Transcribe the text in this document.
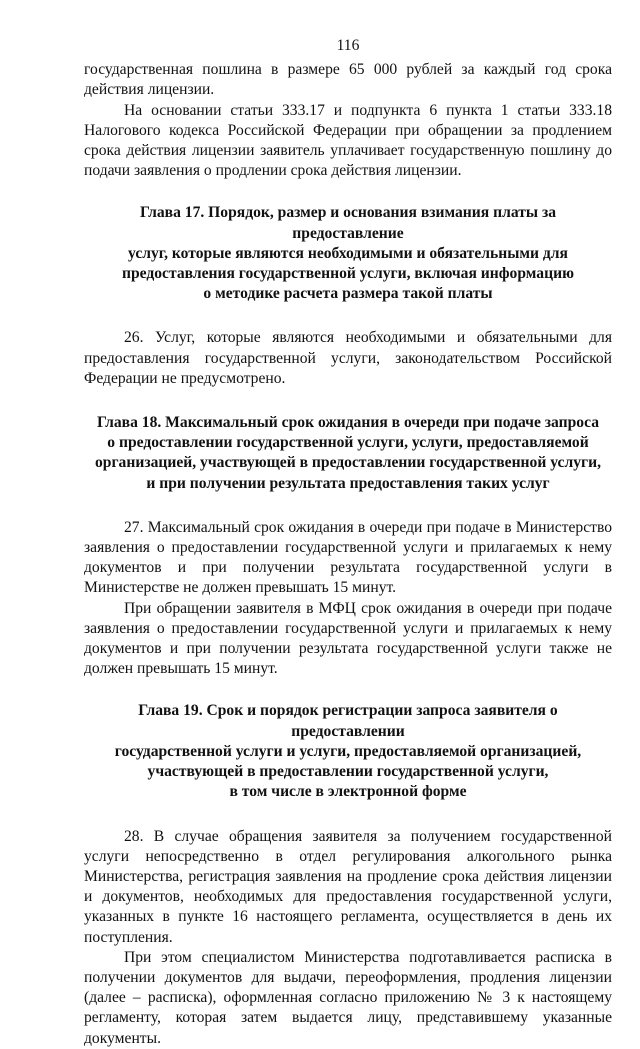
116

государственная пошлина в размере 65 000 рублей за каждый год срока действия лицензии.

На основании статьи 333.17 и подпункта 6 пункта 1 статьи 333.18 Налогового кодекса Российской Федерации при обращении за продлением срока действия лицензии заявитель уплачивает государственную пошлину до подачи заявления о продлении срока действия лицензии.

Глава 17. Порядок, размер и основания взимания платы за предоставление
услуг, которые являются необходимыми и обязательными для
предоставления государственной услуги, включая информацию
о методике расчета размера такой платы

26. Услуг, которые являются необходимыми и обязательными для предоставления государственной услуги, законодательством Российской Федерации не предусмотрено.

Глава 18. Максимальный срок ожидания в очереди при подаче запроса
о предоставлении государственной услуги, услуги, предоставляемой
организацией, участвующей в предоставлении государственной услуги,
и при получении результата предоставления таких услуг

27. Максимальный срок ожидания в очереди при подаче в Министерство заявления о предоставлении государственной услуги и прилагаемых к нему документов и при получении результата государственной услуги в Министерстве не должен превышать 15 минут.

При обращении заявителя в МФЦ срок ожидания в очереди при подаче заявления о предоставлении государственной услуги и прилагаемых к нему документов и при получении результата государственной услуги также не должен превышать 15 минут.

Глава 19. Срок и порядок регистрации запроса заявителя о предоставлении
государственной услуги и услуги, предоставляемой организацией,
участвующей в предоставлении государственной услуги,
в том числе в электронной форме

28. В случае обращения заявителя за получением государственной услуги непосредственно в отдел регулирования алкогольного рынка Министерства, регистрация заявления на продление срока действия лицензии и документов, необходимых для предоставления государственной услуги, указанных в пункте 16 настоящего регламента, осуществляется в день их поступления.

При этом специалистом Министерства подготавливается расписка в получении документов для выдачи, переоформления, продления лицензии (далее – расписка), оформленная согласно приложению № 3 к настоящему регламенту, которая затем выдается лицу, представившему указанные документы.
